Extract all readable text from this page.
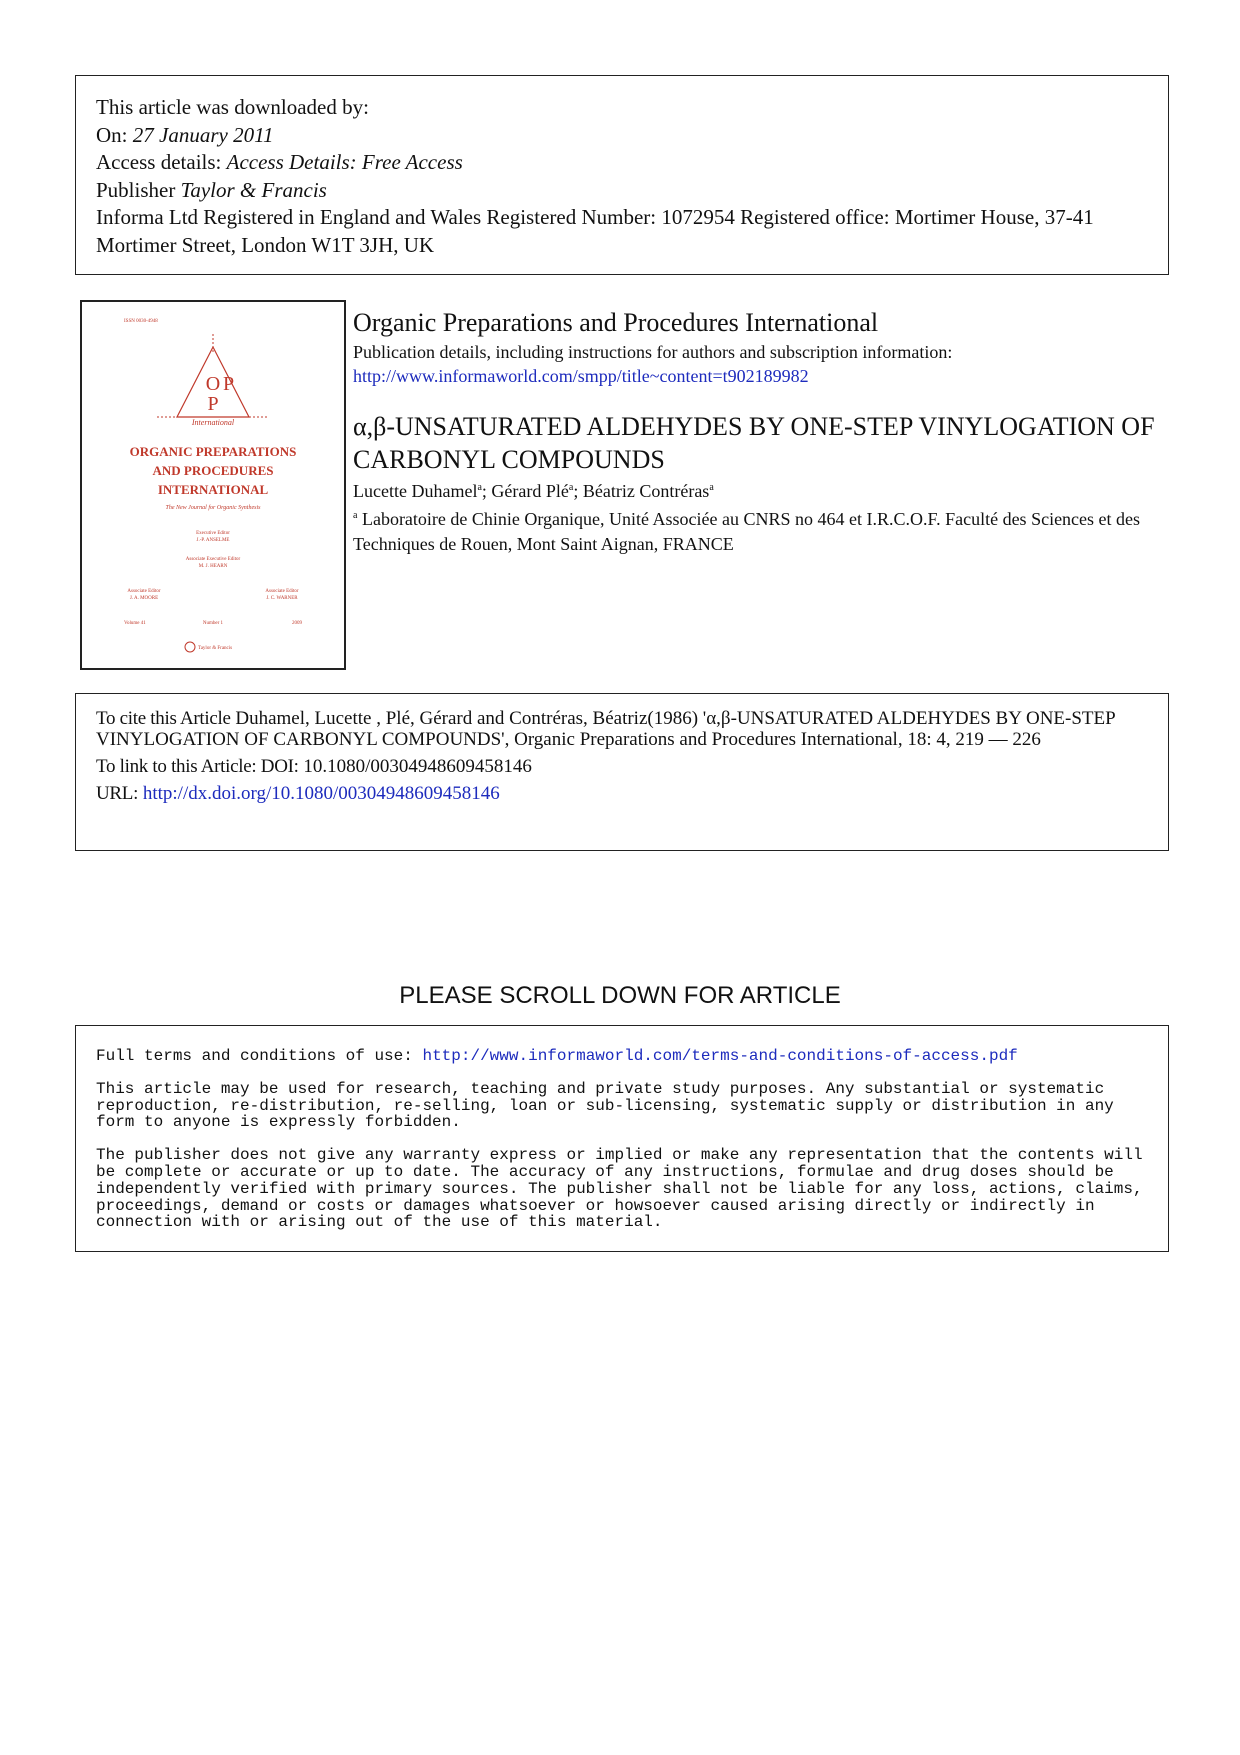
This article was downloaded by:
On: 27 January 2011
Access details: Access Details: Free Access
Publisher Taylor & Francis
Informa Ltd Registered in England and Wales Registered Number: 1072954 Registered office: Mortimer House, 37-41 Mortimer Street, London W1T 3JH, UK
ISSN 0030-4948
O P
P
International
ORGANIC PREPARATIONS
AND PROCEDURES
INTERNATIONAL
The New Journal for Organic Synthesis
Executive Editor
J.-P. ANSELME
Associate Executive Editor
M. J. HEARN
Associate Editor
J. A. MOORE
Associate Editor
J. C. WARNER
Volume 41	Number 1	2009
Taylor & Francis
Organic Preparations and Procedures International
Publication details, including instructions for authors and subscription information:
http://www.informaworld.com/smpp/title~content=t902189982
α,β-UNSATURATED ALDEHYDES BY ONE-STEP VINYLOGATION OF CARBONYL COMPOUNDS
Lucette Duhamel$^a$; Gérard Plé$^a$; Béatriz Contréras$^a$
$^a$ Laboratoire de Chinie Organique, Unité Associée au CNRS no 464 et I.R.C.O.F. Faculté des Sciences et des Techniques de Rouen, Mont Saint Aignan, FRANCE
To cite this Article Duhamel, Lucette , Plé, Gérard and Contréras, Béatriz(1986) 'α,β-UNSATURATED ALDEHYDES BY ONE-STEP VINYLOGATION OF CARBONYL COMPOUNDS', Organic Preparations and Procedures International, 18: 4, 219 — 226
To link to this Article: DOI: 10.1080/00304948609458146
URL: http://dx.doi.org/10.1080/00304948609458146
PLEASE SCROLL DOWN FOR ARTICLE

Full terms and conditions of use: http://www.informaworld.com/terms-and-conditions-of-access.pdf

This article may be used for research, teaching and private study purposes. Any substantial or systematic reproduction, re-distribution, re-selling, loan or sub-licensing, systematic supply or distribution in any form to anyone is expressly forbidden.

The publisher does not give any warranty express or implied or make any representation that the contents will be complete or accurate or up to date. The accuracy of any instructions, formulae and drug doses should be independently verified with primary sources. The publisher shall not be liable for any loss, actions, claims, proceedings, demand or costs or damages whatsoever or howsoever caused arising directly or indirectly in connection with or arising out of the use of this material.
